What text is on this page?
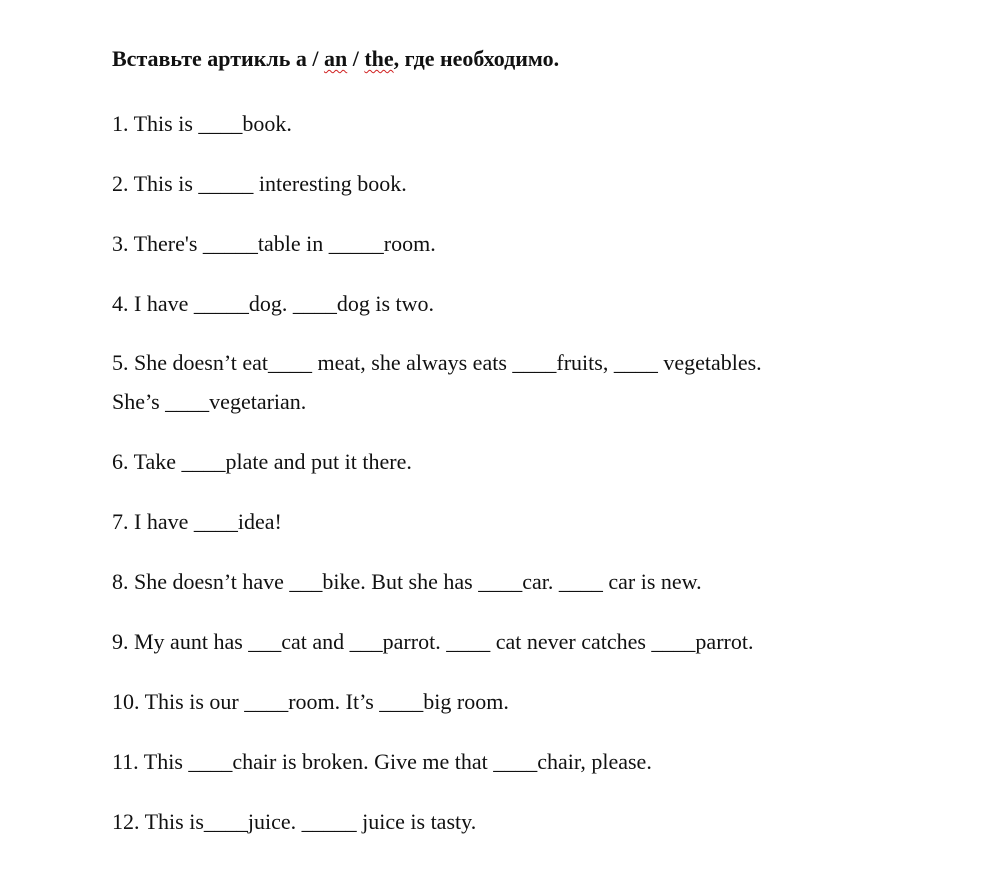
Вставьте артикль а / an / the, где необходимо.
1. This is ____book.
2. This is _____ interesting book.
3. There's _____table in _____room.
4. I have _____dog. ____dog is two.
5. She doesn’t eat____ meat, she always eats ____fruits, ____ vegetables.
She’s ____vegetarian.
6. Take ____plate and put it there.
7. I have ____idea!
8. She doesn’t have ___bike. But she has ____car. ____ car is new.
9. My aunt has ___cat and ___parrot. ____ cat never catches ____parrot.
10. This is our ____room. It’s ____big room.
11. This ____chair is broken. Give me that ____chair, please.
12. This is____juice. _____ juice is tasty.
